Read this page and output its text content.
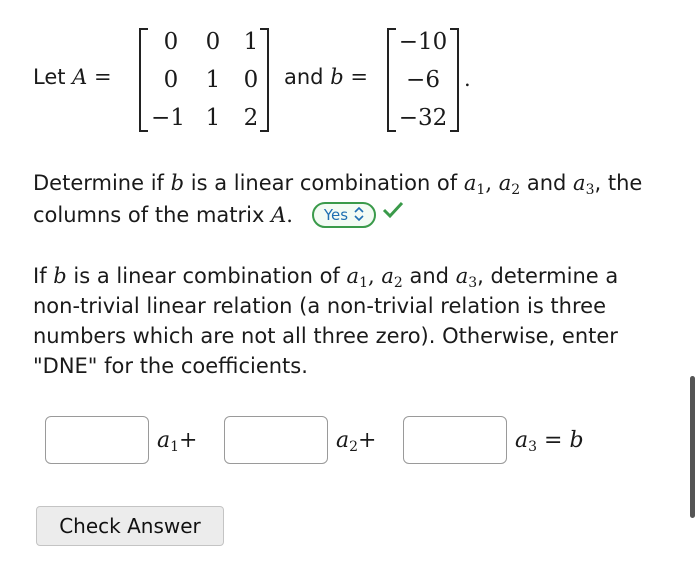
Let A =
0 0 1
0 1 0
−1 1 2
and b =
−10
−6
−32
.
Determine if b is a linear combination of $a_1$, $a_2$ and $a_3$, the
columns of the matrix A. Yes
If b is a linear combination of $a_1$, $a_2$ and $a_3$, determine a
non-trivial linear relation (a non-trivial relation is three
numbers which are not all three zero). Otherwise, enter
"DNE" for the coefficients.
$a_1+$	$a_2+$	$a_3 = b$
Check Answer
